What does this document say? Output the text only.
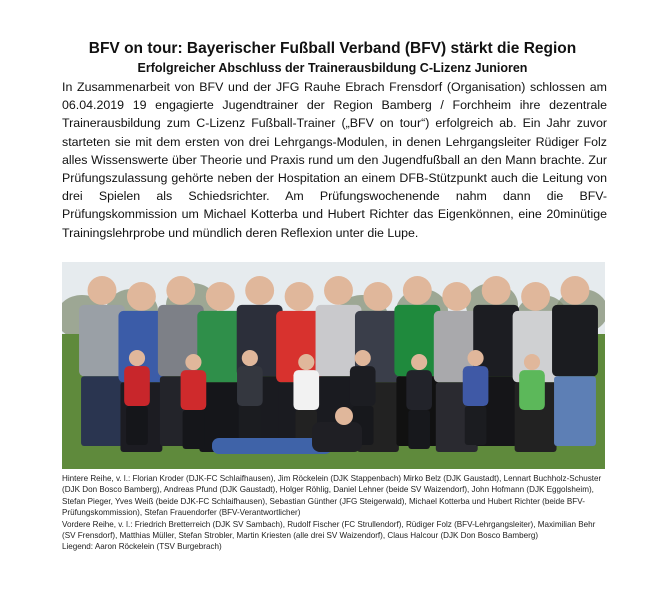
BFV on tour: Bayerischer Fußball Verband (BFV) stärkt die Region
Erfolgreicher Abschluss der Trainerausbildung C-Lizenz Junioren

In Zusammenarbeit von BFV und der JFG Rauhe Ebrach Frensdorf (Organisation) schlossen am 06.04.2019 19 engagierte Jugendtrainer der Region Bamberg / Forchheim ihre dezentrale Trainerausbildung zum C-Lizenz Fußball-Trainer („BFV on tour“) erfolgreich ab. Ein Jahr zuvor starteten sie mit dem ersten von drei Lehrgangs-Modulen, in denen Lehrgangsleiter Rüdiger Folz alles Wissenswerte über Theorie und Praxis rund um den Jugendfußball an den Mann brachte. Zur Prüfungszulassung gehörte neben der Hospitation an einem DFB-Stützpunkt auch die Leitung von drei Spielen als Schiedsrichter. Am Prüfungswochenende nahm dann die BFV-Prüfungskommission um Michael Kotterba und Hubert Richter das Eigenkönnen, eine 20minütige Trainingslehrprobe und mündlich deren Reflexion unter die Lupe.

Hintere Reihe, v. l.: Florian Kroder (DJK-FC Schlaifhausen), Jim Röckelein (DJK Stappenbach) Mirko Belz (DJK Gaustadt), Lennart Buchholz-Schuster (DJK Don Bosco Bamberg), Andreas Pfund (DJK Gaustadt), Holger Röhlig, Daniel Lehner (beide SV Waizendorf), John Hofmann (DJK Eggolsheim), Stefan Pieger, Yves Weiß (beide DJK-FC Schlaifhausen), Sebastian Günther (JFG Steigerwald), Michael Kotterba und Hubert Richter (beide BFV-Prüfungskommission), Stefan Frauendorfer (BFV-Verantwortlicher)

Vordere Reihe, v. l.: Friedrich Bretterreich (DJK SV Sambach), Rudolf Fischer (FC Strullendorf), Rüdiger Folz (BFV-Lehrgangsleiter), Maximilian Behr (SV Frensdorf), Matthias Müller, Stefan Strobler, Martin Kriesten (alle drei SV Waizendorf), Claus Halcour (DJK Don Bosco Bamberg)

Liegend: Aaron Röckelein (TSV Burgebrach)
